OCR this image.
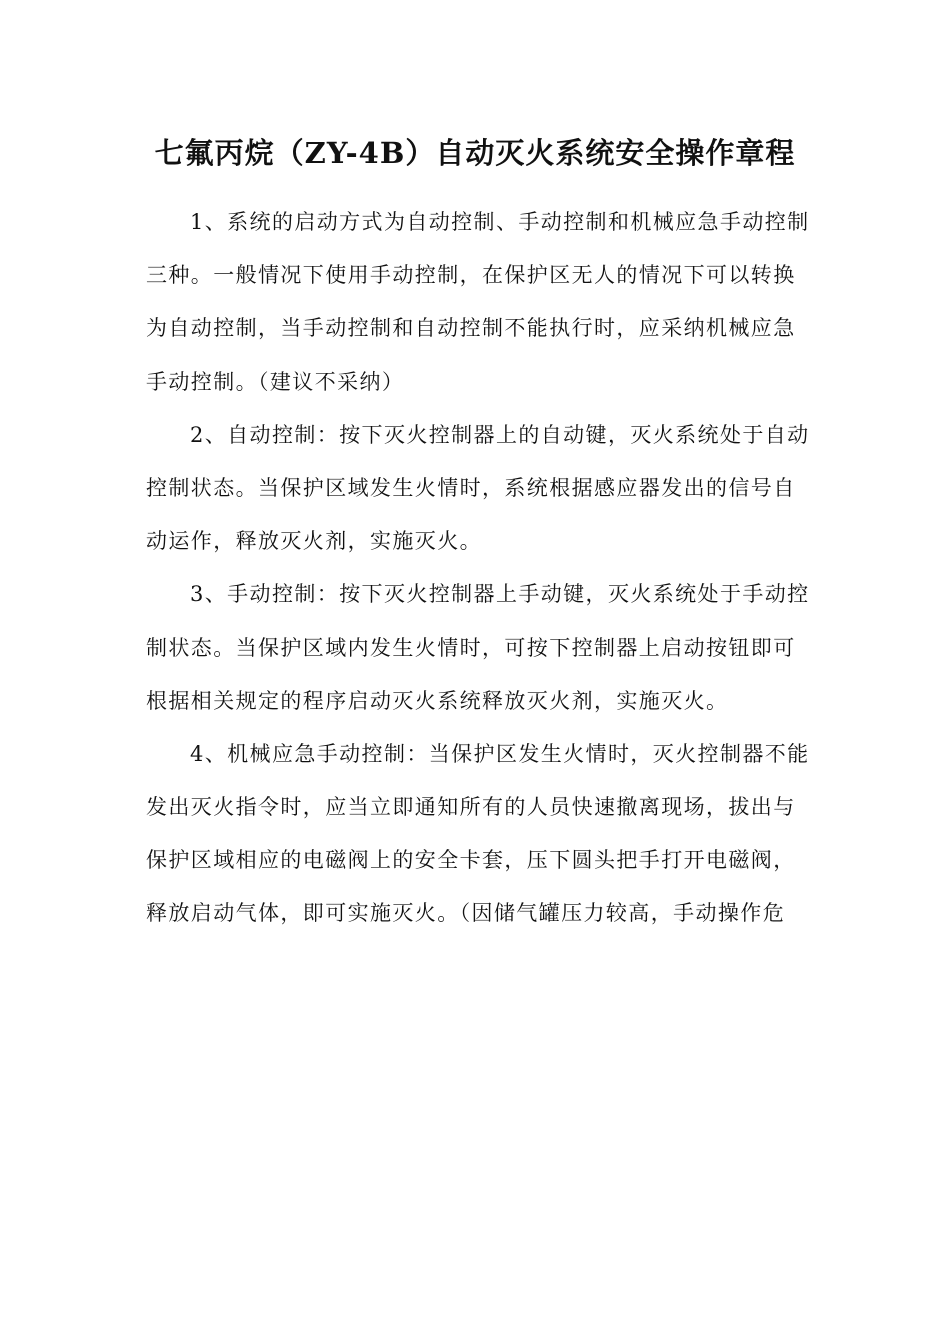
七氟丙烷（ZY-4B）自动灭火系统安全操作章程
1、系统的启动方式为自动控制、手动控制和机械应急手动控制
三种。一般情况下使用手动控制，在保护区无人的情况下可以转换
为自动控制，当手动控制和自动控制不能执行时，应采纳机械应急
手动控制。（建议不采纳）
2、自动控制：按下灭火控制器上的自动键，灭火系统处于自动
控制状态。当保护区域发生火情时，系统根据感应器发出的信号自
动运作，释放灭火剂，实施灭火。
3、手动控制：按下灭火控制器上手动键，灭火系统处于手动控
制状态。当保护区域内发生火情时，可按下控制器上启动按钮即可
根据相关规定的程序启动灭火系统释放灭火剂，实施灭火。
4、机械应急手动控制：当保护区发生火情时，灭火控制器不能
发出灭火指令时，应当立即通知所有的人员快速撤离现场，拔出与
保护区域相应的电磁阀上的安全卡套，压下圆头把手打开电磁阀，
释放启动气体，即可实施灭火。（因储气罐压力较高，手动操作危
